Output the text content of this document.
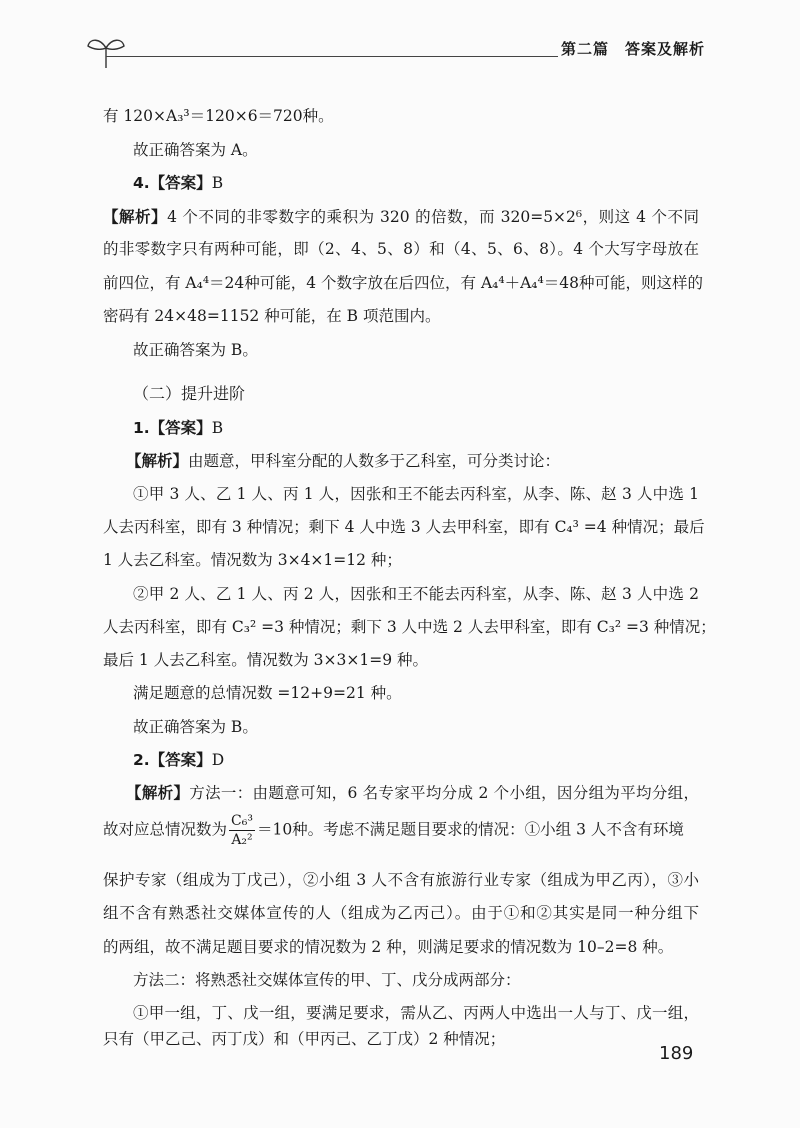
第二篇　答案及解析
有 120×A₃³＝120×6＝720种。
故正确答案为 A。
4.【答案】B
【解析】4 个不同的非零数字的乘积为 320 的倍数，而 320=5×2⁶，则这 4 个不同
的非零数字只有两种可能，即（2、4、5、8）和（4、5、6、8）。4 个大写字母放在
前四位，有 A₄⁴＝24种可能，4 个数字放在后四位，有 A₄⁴＋A₄⁴＝48种可能，则这样的
密码有 24×48=1152 种可能，在 B 项范围内。
故正确答案为 B。
（二）提升进阶
1.【答案】B
【解析】由题意，甲科室分配的人数多于乙科室，可分类讨论：
①甲 3 人、乙 1 人、丙 1 人，因张和王不能去丙科室，从李、陈、赵 3 人中选 1
人去丙科室，即有 3 种情况；剩下 4 人中选 3 人去甲科室，即有 C₄³ =4 种情况；最后
1 人去乙科室。情况数为 3×4×1=12 种；
②甲 2 人、乙 1 人、丙 2 人，因张和王不能去丙科室，从李、陈、赵 3 人中选 2
人去丙科室，即有 C₃² =3 种情况；剩下 3 人中选 2 人去甲科室，即有 C₃² =3 种情况；
最后 1 人去乙科室。情况数为 3×3×1=9 种。
满足题意的总情况数 =12+9=21 种。
故正确答案为 B。
2.【答案】D
【解析】方法一：由题意可知，6 名专家平均分成 2 个小组，因分组为平均分组，
故对应总情况数为 $\frac{\text{C₆³}}{\text{A₂²}} =10$种。考虑不满足题目要求的情况：①小组 3 人不含有环境
保护专家（组成为丁戊己），②小组 3 人不含有旅游行业专家（组成为甲乙丙），③小
组不含有熟悉社交媒体宣传的人（组成为乙丙己）。由于①和②其实是同一种分组下
的两组，故不满足题目要求的情况数为 2 种，则满足要求的情况数为 10–2=8 种。
方法二：将熟悉社交媒体宣传的甲、丁、戊分成两部分：
①甲一组，丁、戊一组，要满足要求，需从乙、丙两人中选出一人与丁、戊一组，
只有（甲乙己、丙丁戊）和（甲丙己、乙丁戊）2 种情况；
189
